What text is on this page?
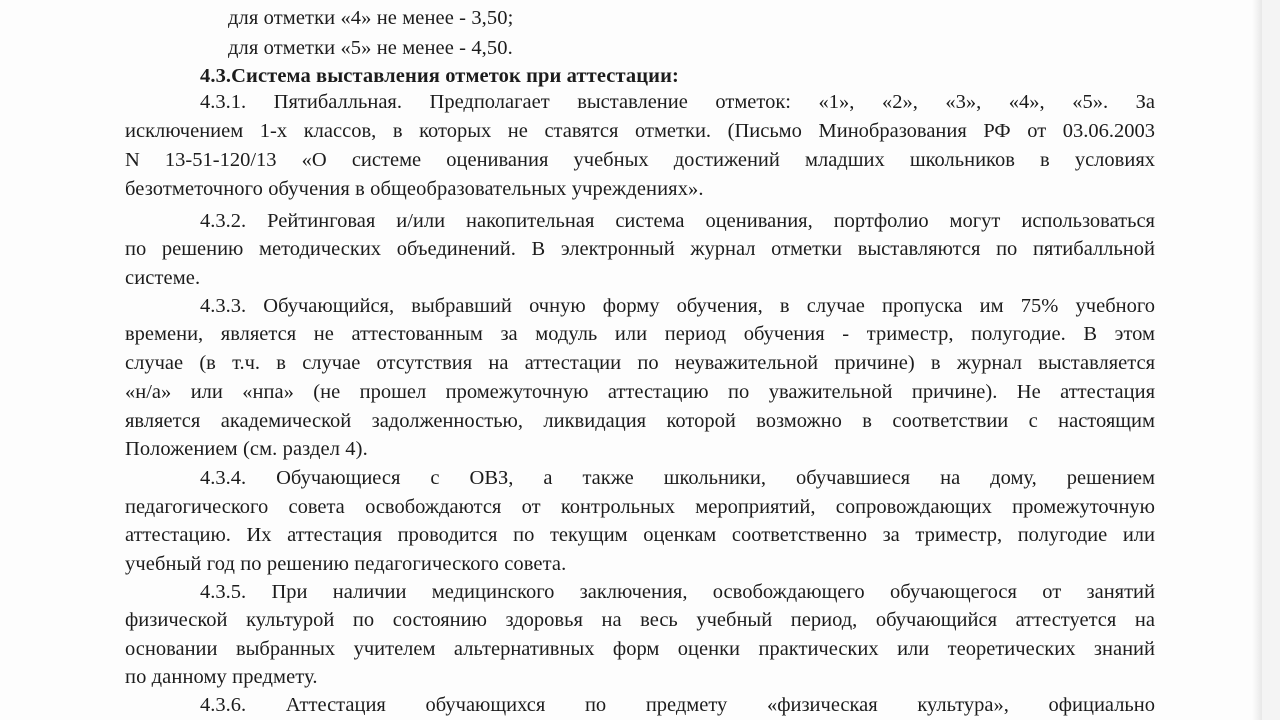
для отметки «4» не менее - 3,50;
для отметки «5» не менее - 4,50.
4.3.Система выставления отметок при аттестации:
4.3.1. Пятибалльная. Предполагает выставление отметок: «1», «2», «3», «4», «5». За
исключением 1-х классов, в которых не ставятся отметки. (Письмо Минобразования РФ от 03.06.2003
N 13-51-120/13 «О системе оценивания учебных достижений младших школьников в условиях
безотметочного обучения в общеобразовательных учреждениях».
4.3.2. Рейтинговая и/или накопительная система оценивания, портфолио могут использоваться
по решению методических объединений. В электронный журнал отметки выставляются по пятибалльной
системе.
4.3.3. Обучающийся, выбравший очную форму обучения, в случае пропуска им 75% учебного
времени, является не аттестованным за модуль или период обучения - триместр, полугодие. В этом
случае (в т.ч. в случае отсутствия на аттестации по неуважительной причине) в журнал выставляется
«н/а» или «нпа» (не прошел промежуточную аттестацию по уважительной причине). Не аттестация
является академической задолженностью, ликвидация которой возможно в соответствии с настоящим
Положением (см. раздел 4).
4.3.4. Обучающиеся с ОВЗ, а также школьники, обучавшиеся на дому, решением
педагогического совета освобождаются от контрольных мероприятий, сопровождающих промежуточную
аттестацию. Их аттестация проводится по текущим оценкам соответственно за триместр, полугодие или
учебный год по решению педагогического совета.
4.3.5. При наличии медицинского заключения, освобождающего обучающегося от занятий
физической культурой по состоянию здоровья на весь учебный период, обучающийся аттестуется на
основании выбранных учителем альтернативных форм оценки практических или теоретических знаний
по данному предмету.
4.3.6. Аттестация обучающихся по предмету «физическая культура», официально
